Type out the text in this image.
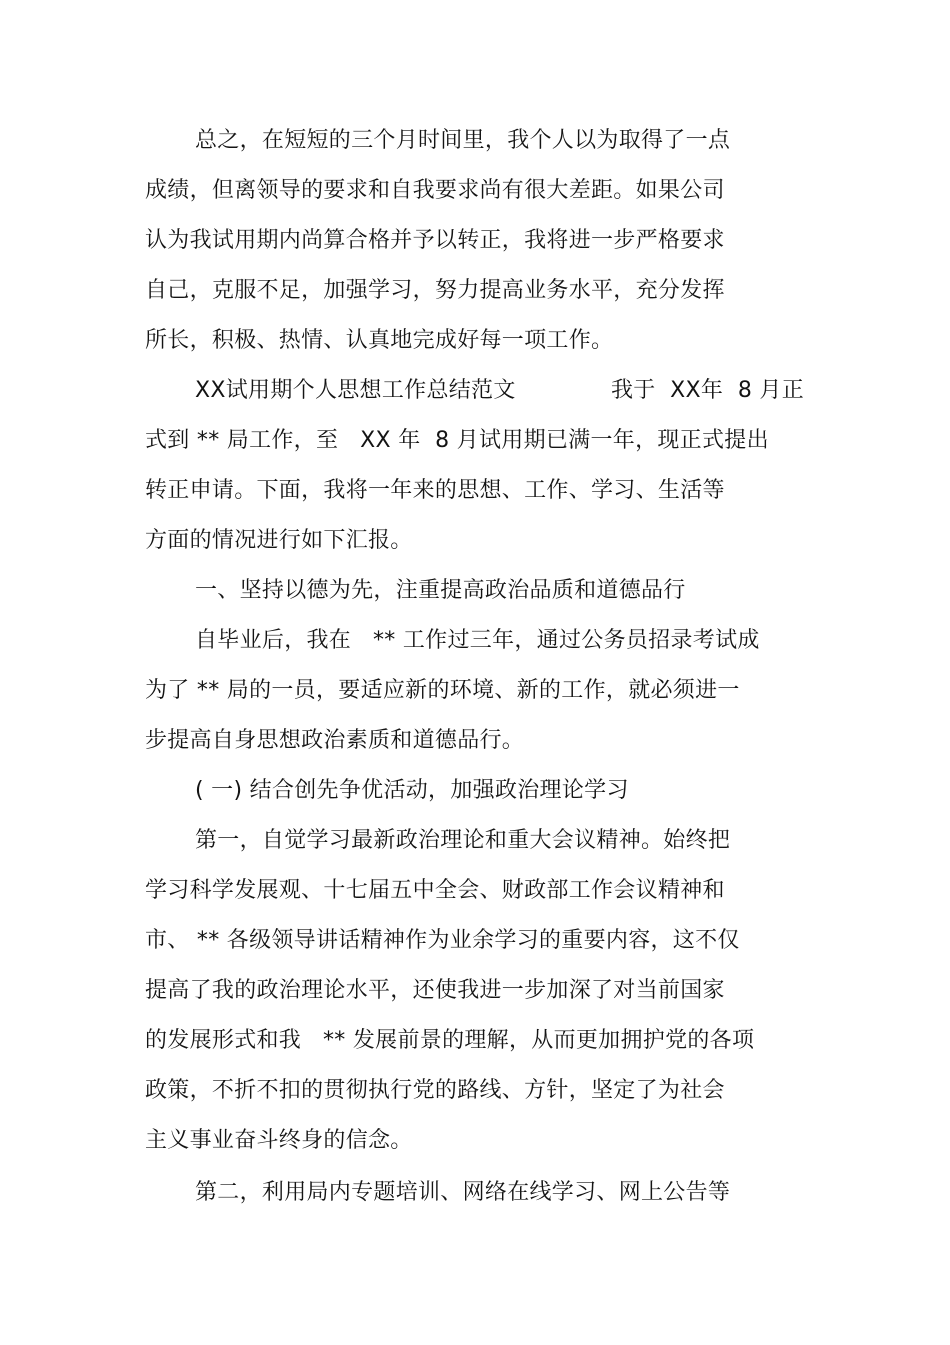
总之，在短短的三个月时间里，我个人以为取得了一点
成绩，但离领导的要求和自我要求尚有很大差距。如果公司
认为我试用期内尚算合格并予以转正，我将进一步严格要求
自己，克服不足，加强学习，努力提高业务水平，充分发挥
所长，积极、热情、认真地完成好每一项工作。
XX试用期个人思想工作总结范文	我于  XX年  8 月正
式到 ** 局工作，至   XX 年  8 月试用期已满一年，现正式提出
转正申请。下面，我将一年来的思想、工作、学习、生活等
方面的情况进行如下汇报。
一、坚持以德为先，注重提高政治品质和道德品行
自毕业后，我在   ** 工作过三年，通过公务员招录考试成
为了 ** 局的一员，要适应新的环境、新的工作，就必须进一
步提高自身思想政治素质和道德品行。
( 一) 结合创先争优活动，加强政治理论学习
第一，自觉学习最新政治理论和重大会议精神。始终把
学习科学发展观、十七届五中全会、财政部工作会议精神和
市、 ** 各级领导讲话精神作为业余学习的重要内容，这不仅
提高了我的政治理论水平，还使我进一步加深了对当前国家
的发展形式和我   ** 发展前景的理解，从而更加拥护党的各项
政策，不折不扣的贯彻执行党的路线、方针，坚定了为社会
主义事业奋斗终身的信念。
第二，利用局内专题培训、网络在线学习、网上公告等
